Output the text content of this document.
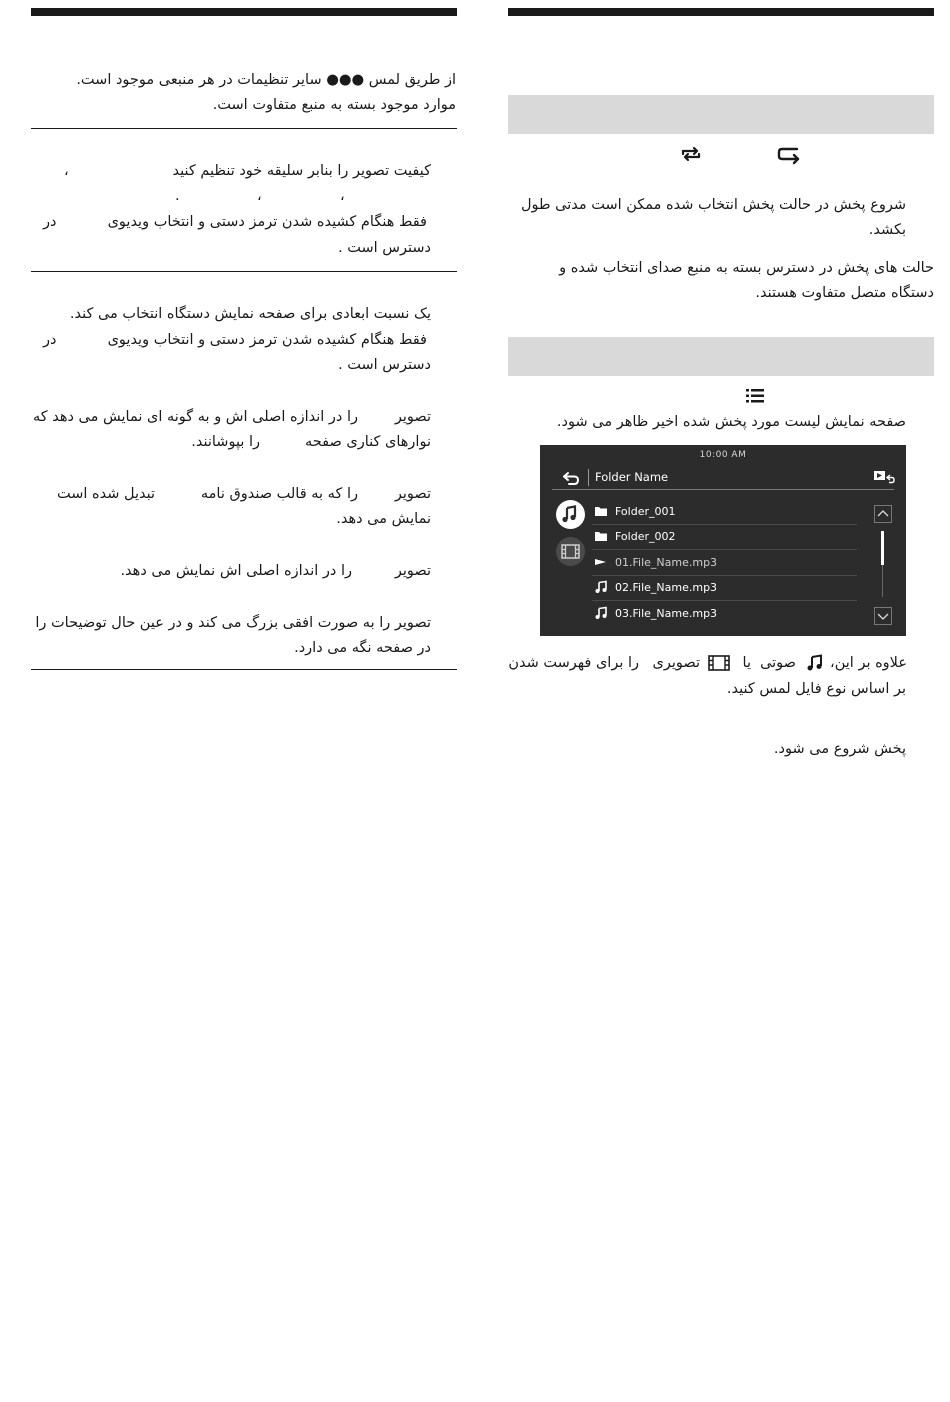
از طریق لمس ●●● سایر تنظیمات در هر منبعی موجود است. موارد موجود بسته به منبع متفاوت است.
کیفیت تصویر را بنابر سلیقه خود تنظیم کنید
،
،
،
.
فقط هنگام کشیده شدن ترمز دستی و انتخاب ویدیوی
در
دسترس است .
یک نسبت ابعادی برای صفحه نمایش دستگاه انتخاب می کند.
فقط هنگام کشیده شدن ترمز دستی و انتخاب ویدیوی
در
دسترس است .
تصویر
را در اندازه اصلی اش و به گونه ای نمایش می دهد که
نوارهای کناری صفحه
را بپوشانند.
تصویر
را که به قالب صندوق نامه
تبدیل شده است
نمایش می دهد.
تصویر
را در اندازه اصلی اش نمایش می دهد.
تصویر را به صورت افقی بزرگ می کند و در عین حال توضیحات را
در صفحه نگه می دارد.
شروع پخش در حالت پخش انتخاب شده ممکن است مدتی طول بکشد.
حالت های پخش در دسترس بسته به منبع صدای انتخاب شده و دستگاه متصل متفاوت هستند.
صفحه نمایش لیست مورد پخش شده اخیر ظاهر می شود.
10:00 AM
Folder Name
Folder_001
Folder_002
01.File_Name.mp3
02.File_Name.mp3
03.File_Name.mp3
علاوه بر این،
صوتی
یا
تصویری
را برای فهرست شدن
بر اساس نوع فایل لمس کنید.
پخش شروع می شود.
